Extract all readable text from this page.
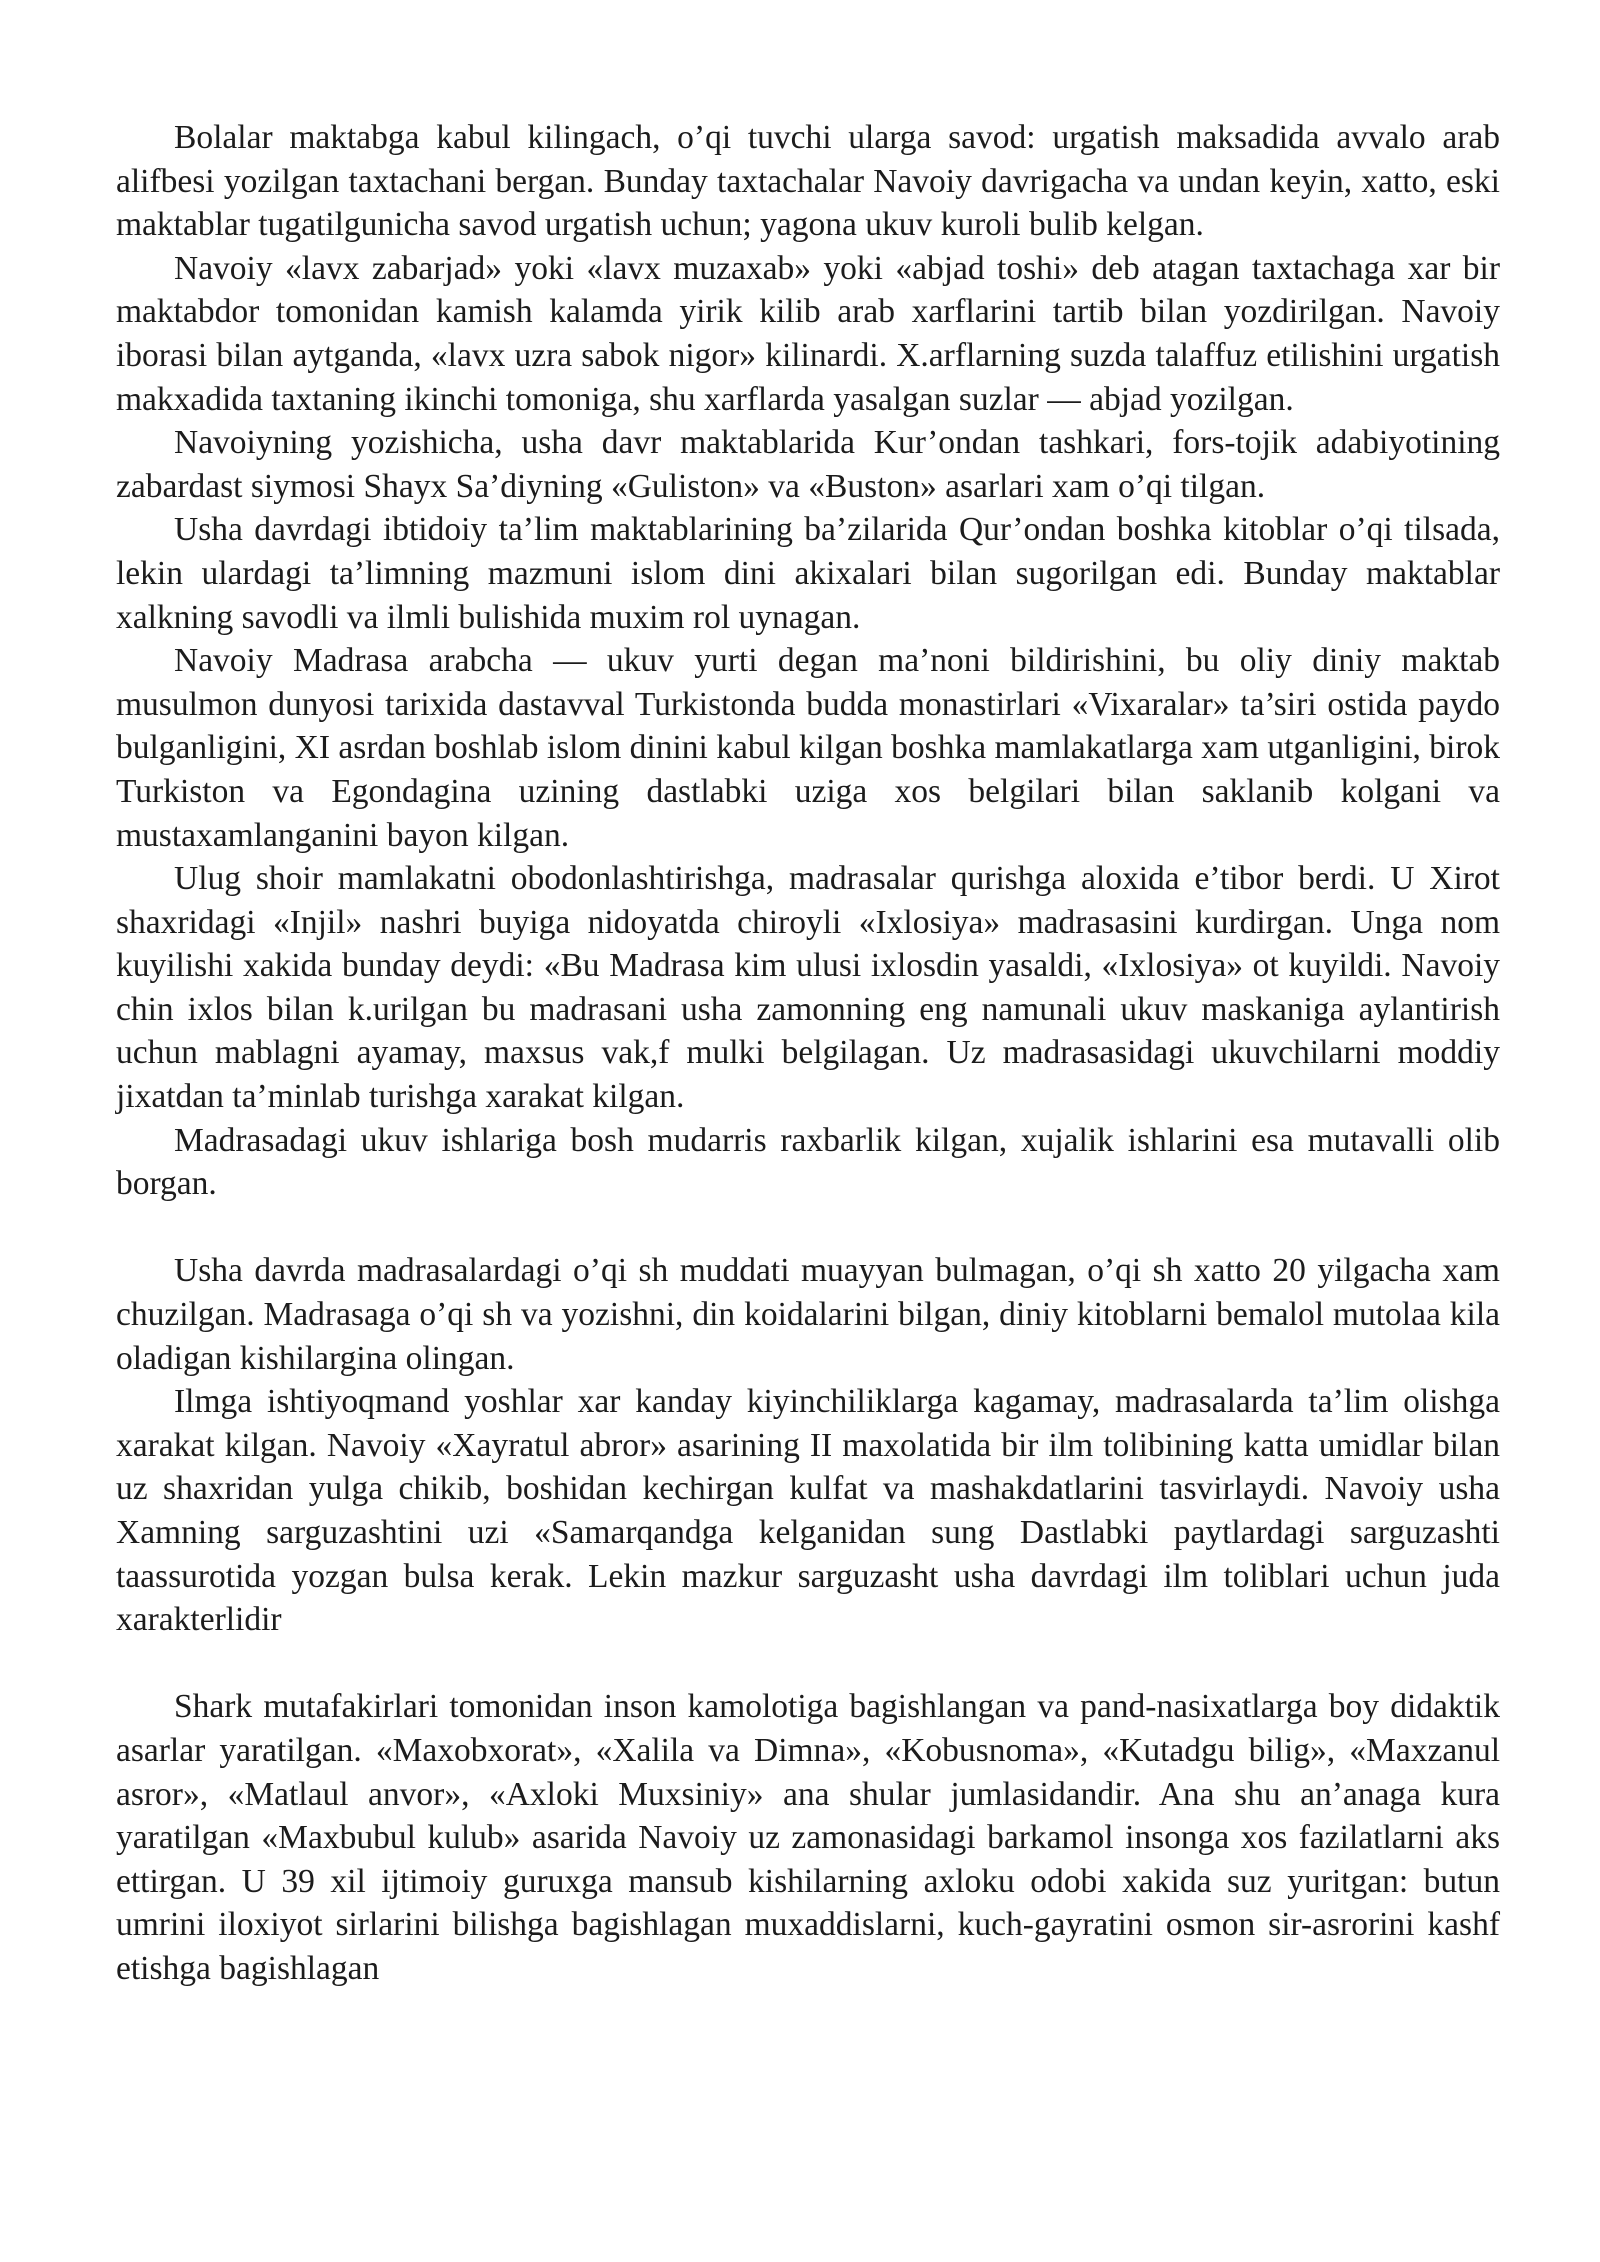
Bolalar maktabga kabul kilingach, o’qi tuvchi ularga savod: urgatish maksadida avvalo arab alifbesi yozilgan taxtachani bergan. Bunday taxtachalar Navoiy davrigacha va undan keyin, xatto, eski maktablar tugatilgunicha savod urgatish uchun; yagona ukuv kuroli bulib kelgan.

Navoiy «lavx zabarjad» yoki «lavx muzaxab» yoki «abjad toshi» deb atagan taxtachaga xar bir maktabdor tomonidan kamish kalamda yirik kilib arab xarflarini tartib bilan yozdirilgan. Navoiy iborasi bilan aytganda, «lavx uzra sabok nigor» kilinardi. X.arflarning suzda talaffuz etilishini urgatish makxadida taxtaning ikinchi tomoniga, shu xarflarda yasalgan suzlar — abjad yozilgan.

Navoiyning yozishicha, usha davr maktablarida Kur’ondan tashkari, fors-tojik adabiyotining zabardast siymosi Shayx Sa’diyning «Guliston» va «Buston» asarlari xam o’qi tilgan.

Usha davrdagi ibtidoiy ta’lim maktablarining ba’zilarida Qur’ondan boshka kitoblar o’qi tilsada, lekin ulardagi ta’limning mazmuni islom dini akixalari bilan sugorilgan edi. Bunday maktablar xalkning savodli va ilmli bulishida muxim rol uynagan.

Navoiy Madrasa arabcha — ukuv yurti degan ma’noni bildirishini, bu oliy diniy maktab musulmon dunyosi tarixida dastavval Turkistonda budda monastirlari «Vixaralar» ta’siri ostida paydo bulganligini, XI asrdan boshlab islom dinini kabul kilgan boshka mamlakatlarga xam utganligini, birok Turkiston va Egondagina uzining dastlabki uziga xos belgilari bilan saklanib kolgani va mustaxamlanganini bayon kilgan.

Ulug shoir mamlakatni obodonlashtirishga, madrasalar qurishga aloxida e’tibor berdi. U Xirot shaxridagi «Injil» nashri buyiga nidoyatda chiroyli «Ixlosiya» madrasasini kurdirgan. Unga nom kuyilishi xakida bunday deydi: «Bu Madrasa kim ulusi ixlosdin yasaldi, «Ixlosiya» ot kuyildi. Navoiy chin ixlos bilan k.urilgan bu madrasani usha zamonning eng namunali ukuv maskaniga aylantirish uchun mablagni ayamay, maxsus vak,f mulki belgilagan. Uz madrasasidagi ukuvchilarni moddiy jixatdan ta’minlab turishga xarakat kilgan.

Madrasadagi ukuv ishlariga bosh mudarris raxbarlik kilgan, xujalik ishlarini esa mutavalli olib borgan.

Usha davrda madrasalardagi o’qi sh muddati muayyan bulmagan, o’qi sh xatto 20 yilgacha xam chuzilgan. Madrasaga o’qi sh va yozishni, din koidalarini bilgan, diniy kitoblarni bemalol mutolaa kila oladigan kishilargina olingan.

Ilmga ishtiyoqmand yoshlar xar kanday kiyinchiliklarga kagamay, madrasalarda ta’lim olishga xarakat kilgan. Navoiy «Xayratul abror» asarining II maxolatida bir ilm tolibining katta umidlar bilan uz shaxridan yulga chikib, boshidan kechirgan kulfat va mashakdatlarini tasvirlaydi. Navoiy usha Xamning sarguzashtini uzi «Samarqandga kelganidan sung Dastlabki paytlardagi sarguzashti taassurotida yozgan bulsa kerak. Lekin mazkur sarguzasht usha davrdagi ilm toliblari uchun juda xarakterlidir

Shark mutafakirlari tomonidan inson kamolotiga bagishlangan va pand-nasixatlarga boy didaktik asarlar yaratilgan. «Maxobxorat», «Xalila va Dimna», «Kobusnoma», «Kutadgu bilig», «Maxzanul asror», «Matlaul anvor», «Axloki Muxsiniy» ana shular jumlasidandir. Ana shu an’anaga kura yaratilgan «Maxbubul kulub» asarida Navoiy uz zamonasidagi barkamol insonga xos fazilatlarni aks ettirgan. U 39 xil ijtimoiy guruxga mansub kishilarning axloku odobi xakida suz yuritgan: butun umrini iloxiyot sirlarini bilishga bagishlagan muxaddislarni, kuch-gayratini osmon sir-asrorini kashf etishga bagishlagan
